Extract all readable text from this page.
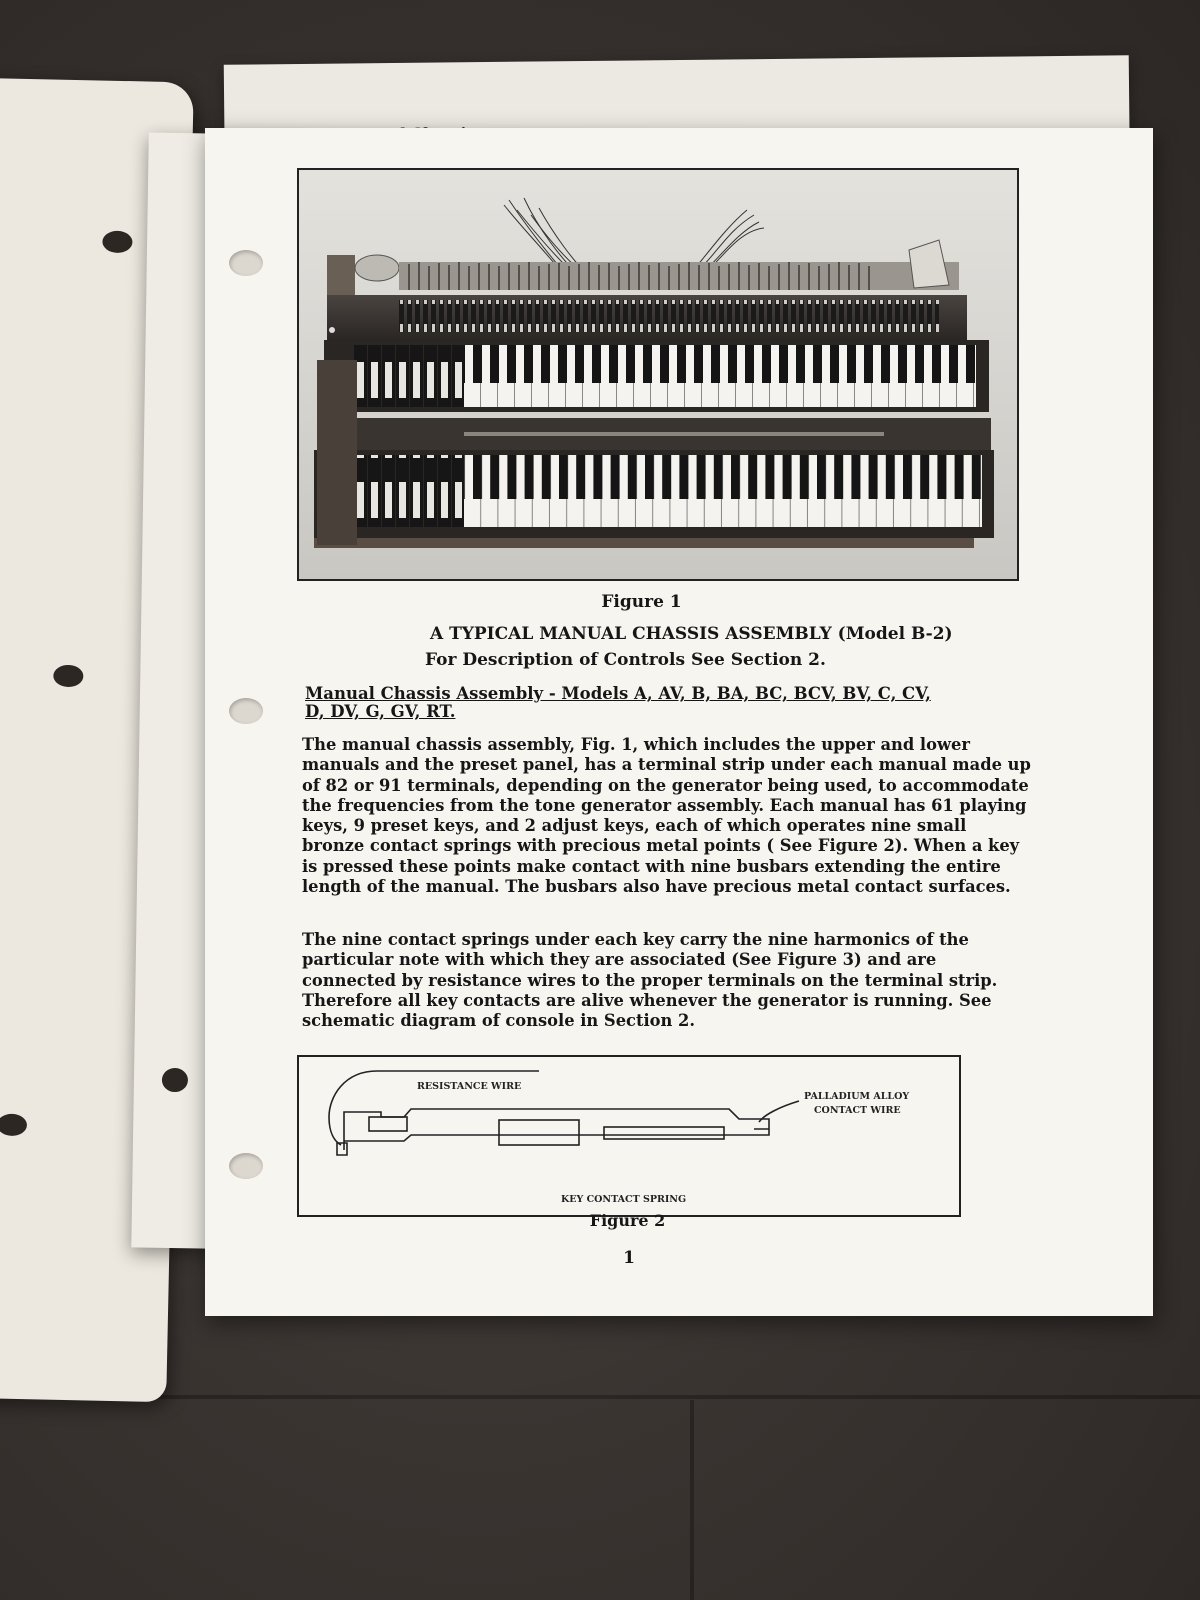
Figure 1
A TYPICAL MANUAL CHASSIS ASSEMBLY (Model B-2)
For Description of Controls See Section 2.
Manual Chassis Assembly - Models A, AV, B, BA, BC, BCV, BV, C, CV, D, DV, G, GV, RT.
The manual chassis assembly, Fig. 1, which includes the upper and lower manuals and the preset panel, has a terminal strip under each manual made up of 82 or 91 terminals, depending on the generator being used, to accommodate the frequencies from the tone generator assembly. Each manual has 61 playing keys, 9 preset keys, and 2 adjust keys, each of which operates nine small bronze contact springs with precious metal points ( See Figure 2). When a key is pressed these points make contact with nine busbars extending the entire length of the manual. The busbars also have precious metal contact surfaces.
The nine contact springs under each key carry the nine harmonics of the particular note with which they are associated (See Figure 3) and are connected by resistance wires to the proper terminals on the terminal strip. Therefore all key contacts are alive whenever the generator is running. See schematic diagram of console in Section 2.
RESISTANCE WIRE
PALLADIUM ALLOY
CONTACT WIRE
KEY CONTACT SPRING
Figure 2
1
